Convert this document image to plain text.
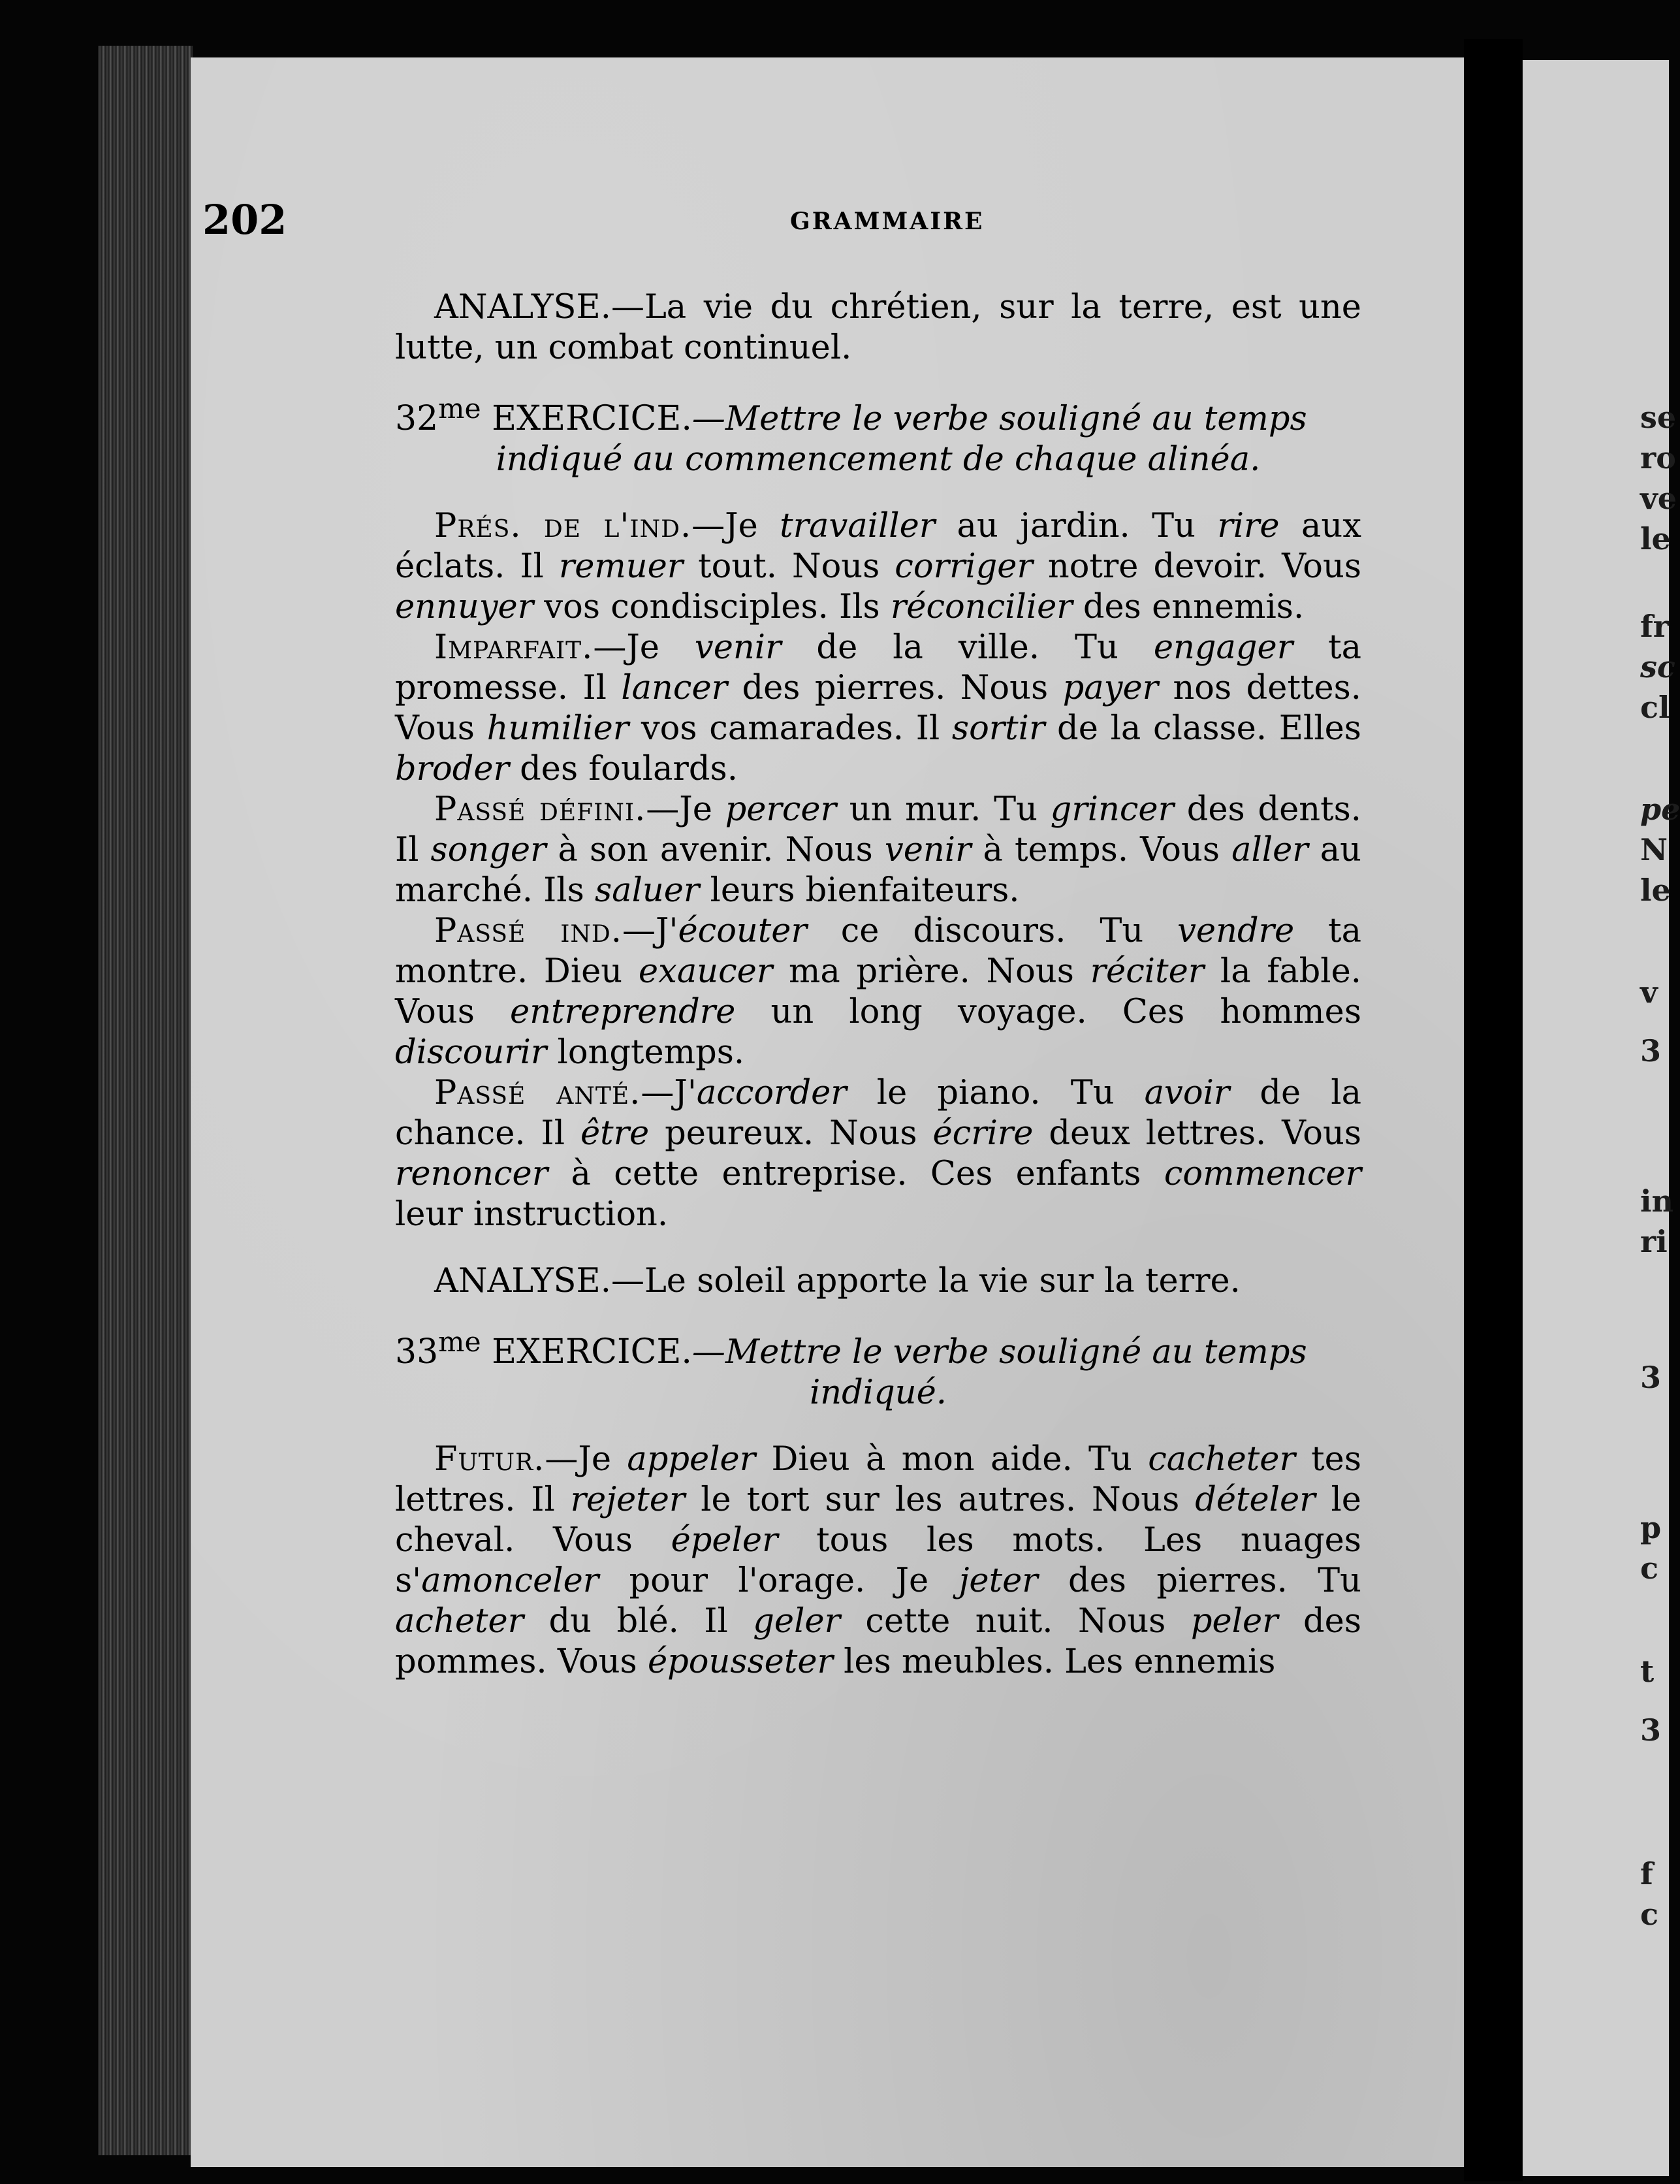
202	GRAMMAIRE

ANALYSE.—La vie du chrétien, sur la terre, est une lutte, un combat continuel.

$32^{me}$ EXERCICE.—Mettre le verbe souligné au temps
indiqué au commencement de chaque alinéa.

Prés. de l'ind.—Je travailler au jardin. Tu rire aux éclats. Il remuer tout. Nous corriger notre devoir. Vous ennuyer vos condisciples. Ils réconcilier des ennemis.

Imparfait.—Je venir de la ville. Tu engager ta promesse. Il lancer des pierres. Nous payer nos dettes. Vous humilier vos camarades. Il sortir de la classe. Elles broder des foulards.

Passé défini.—Je percer un mur. Tu grincer des dents. Il songer à son avenir. Nous venir à temps. Vous aller au marché. Ils saluer leurs bienfaiteurs.

Passé ind.—J'écouter ce discours. Tu vendre ta montre. Dieu exaucer ma prière. Nous réciter la fable. Vous entreprendre un long voyage. Ces hommes discourir longtemps.

Passé anté.—J'accorder le piano. Tu avoir de la chance. Il être peureux. Nous écrire deux lettres. Vous renoncer à cette entreprise. Ces enfants commencer leur instruction.

ANALYSE.—Le soleil apporte la vie sur la terre.

$33^{me}$ EXERCICE.—Mettre le verbe souligné au temps
indiqué.

Futur.—Je appeler Dieu à mon aide. Tu cacheter tes lettres. Il rejeter le tort sur les autres. Nous dételer le cheval. Vous épeler tous les mots. Les nuages s'amonceler pour l'orage. Je jeter des pierres. Tu acheter du blé. Il geler cette nuit. Nous peler des pommes. Vous épousseter les meubles. Les ennemis

se
ro
ve
le
fr
sc
cl
pe
N
le
v
3
in
ri
3
p
c
t
3
f
c
